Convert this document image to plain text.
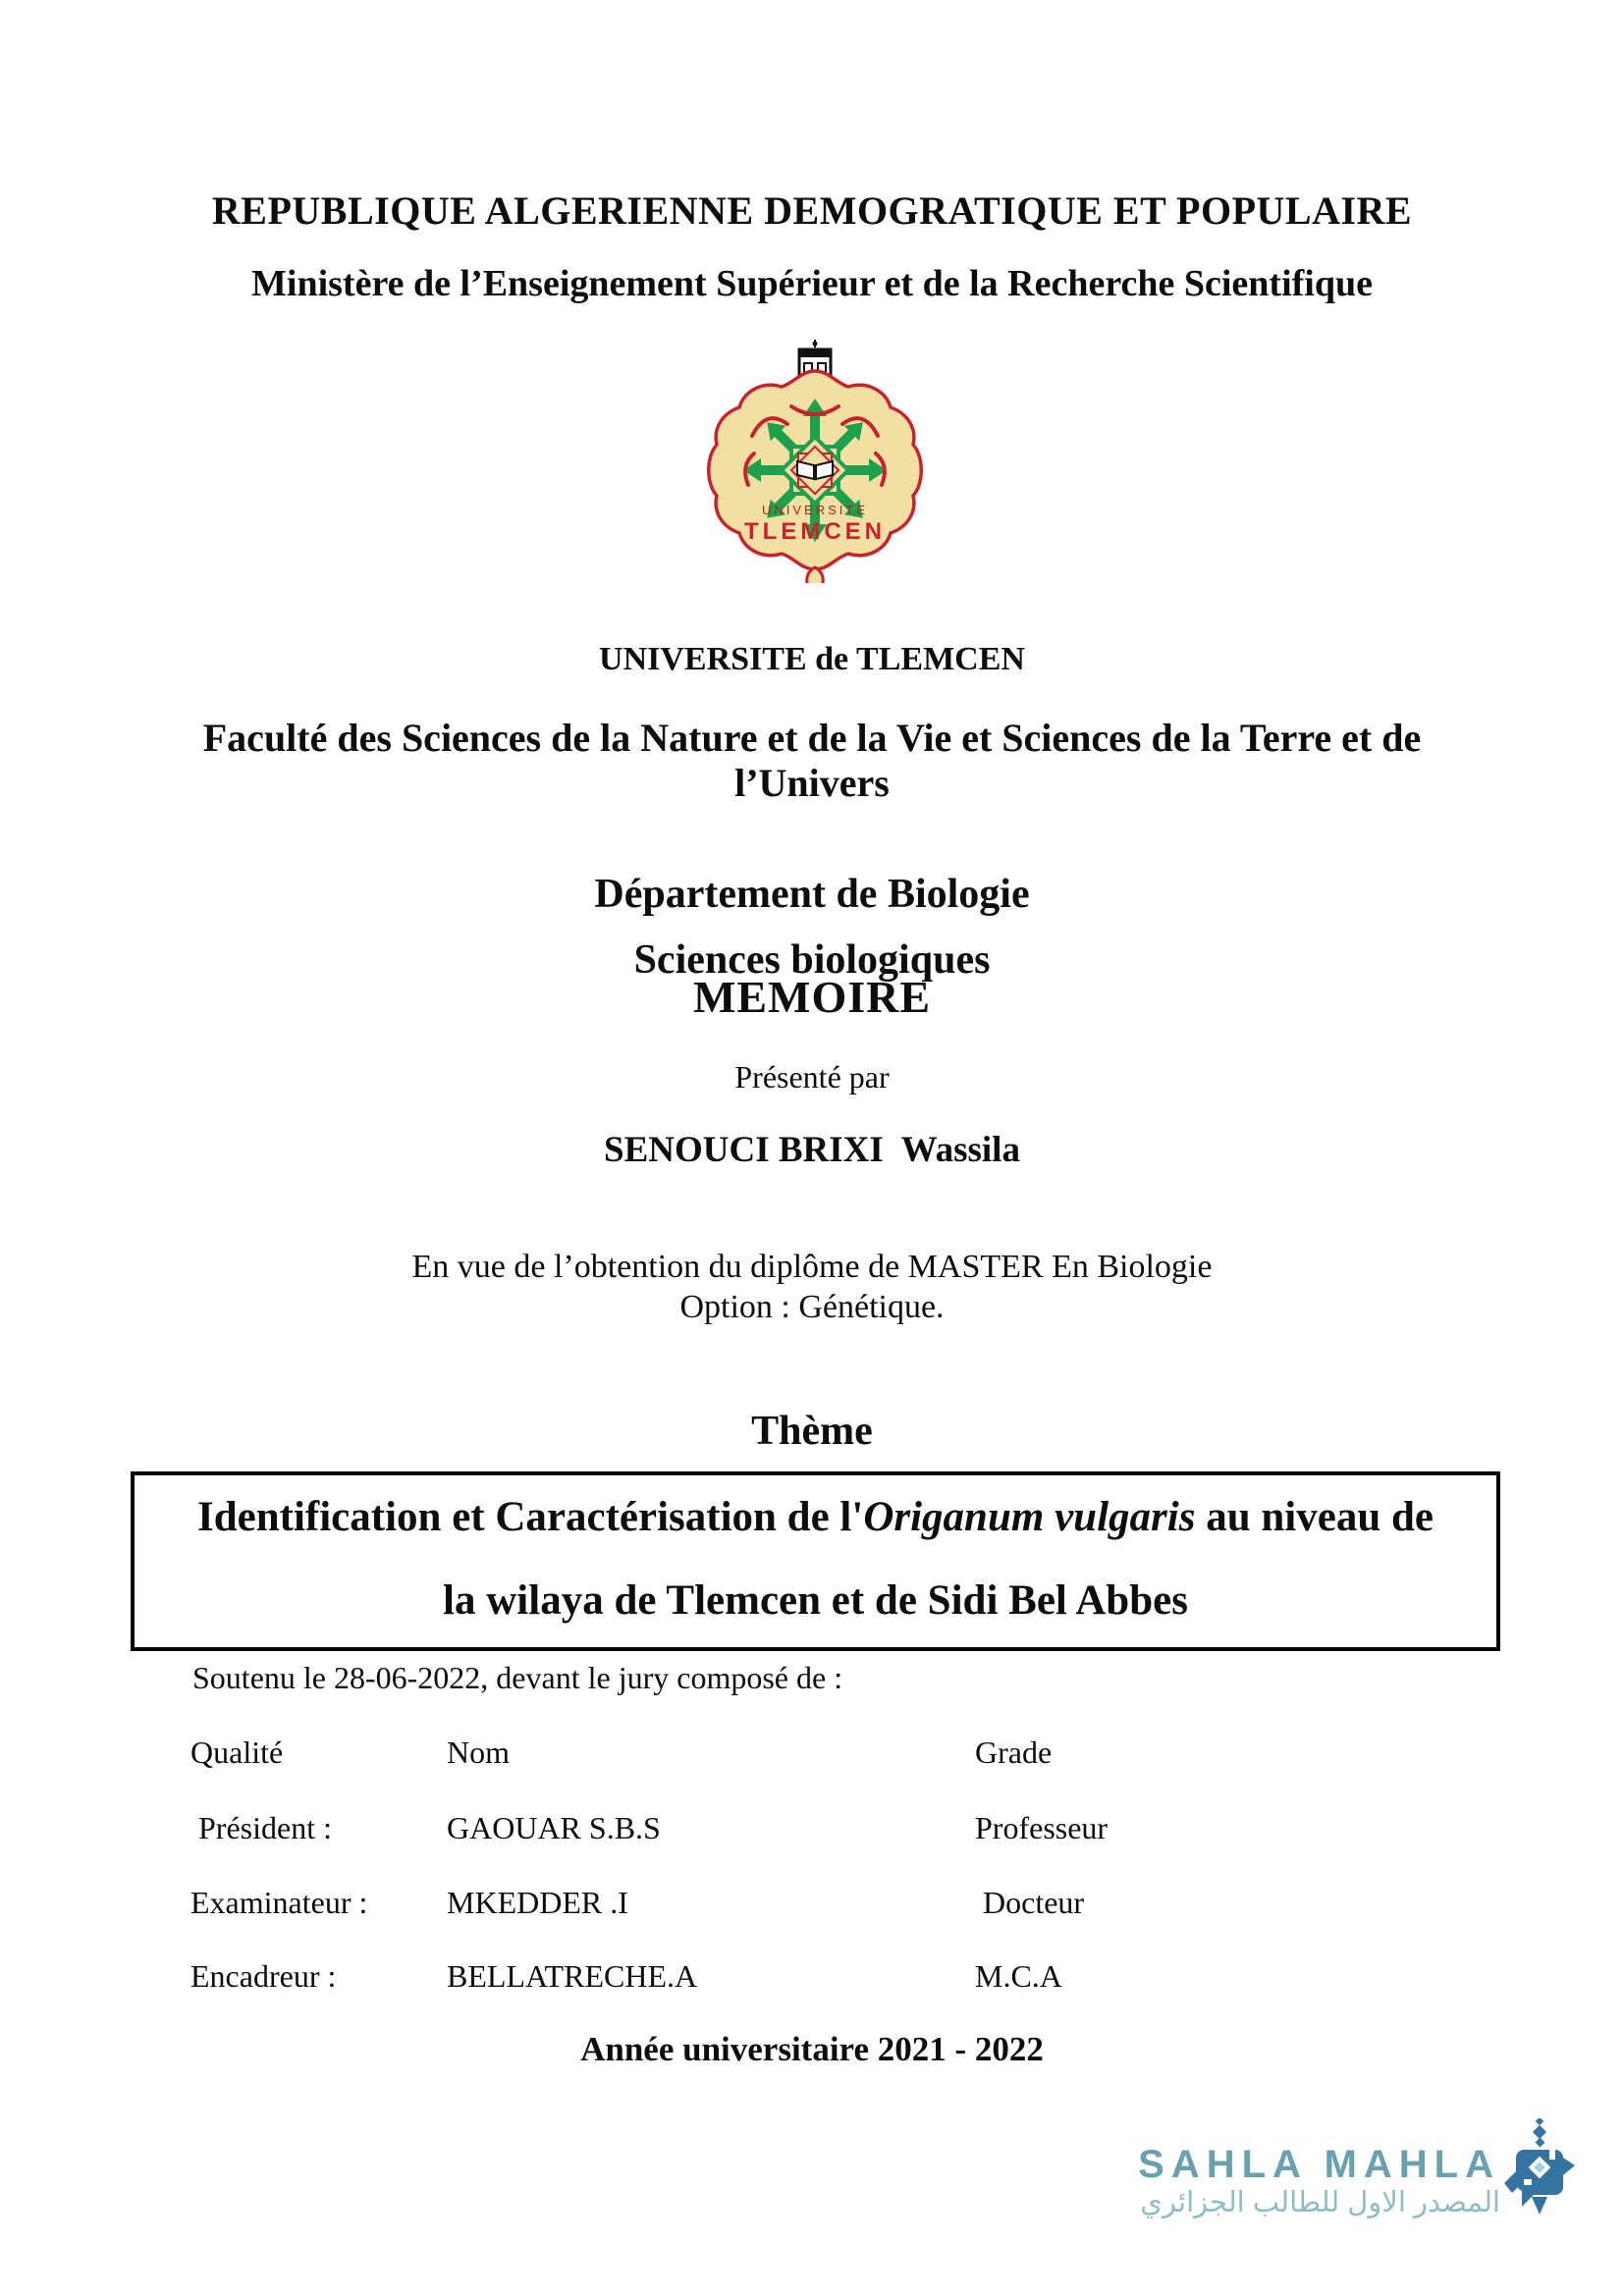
REPUBLIQUE ALGERIENNE DEMOGRATIQUE ET POPULAIRE
Ministère de l’Enseignement Supérieur et de la Recherche Scientifique
UNIVERSITE
TLEMCEN
UNIVERSITE de TLEMCEN
Faculté des Sciences de la Nature et de la Vie et Sciences de la Terre et de l’Univers
Département de Biologie
Sciences biologiques
MEMOIRE
Présenté par
SENOUCI BRIXI  Wassila
En vue de l’obtention du diplôme de MASTER En Biologie
Option : Génétique.
Thème
Identification et Caractérisation de l'Origanum vulgaris au niveau de
la wilaya de Tlemcen et de Sidi Bel Abbes
Soutenu le 28-06-2022, devant le jury composé de :
Qualité	Nom	Grade
Président :	GAOUAR S.B.S	Professeur
Examinateur :	MKEDDER .I	Docteur
Encadreur :	BELLATRECHE.A	M.C.A
Année universitaire 2021 - 2022
SAHLA MAHLA
المصدر الاول للطالب الجزائري
